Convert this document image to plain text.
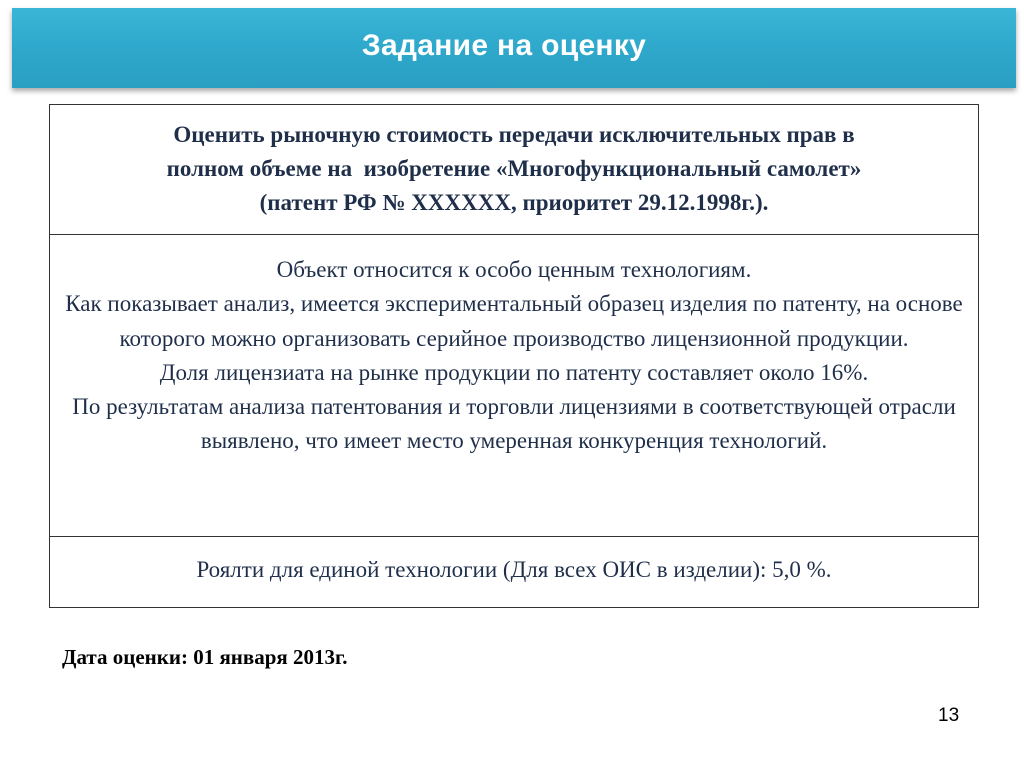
Задание на оценку
Оценить рыночную стоимость передачи исключительных прав в
полном объеме на  изобретение «Многофункциональный самолет»
(патент РФ № ХХХХХХ, приоритет 29.12.1998г.).

Объект относится к особо ценным технологиям.

Как показывает анализ, имеется экспериментальный образец изделия по патенту, на основе которого можно организовать серийное производство лицензионной продукции.

Доля лицензиата на рынке продукции по патенту составляет около 16%.

По результатам анализа патентования и торговли лицензиями в соответствующей отрасли выявлено, что имеет место умеренная конкуренция технологий.

Роялти для единой технологии (Для всех ОИС в изделии): 5,0 %.
Дата оценки: 01 января 2013г.
13
